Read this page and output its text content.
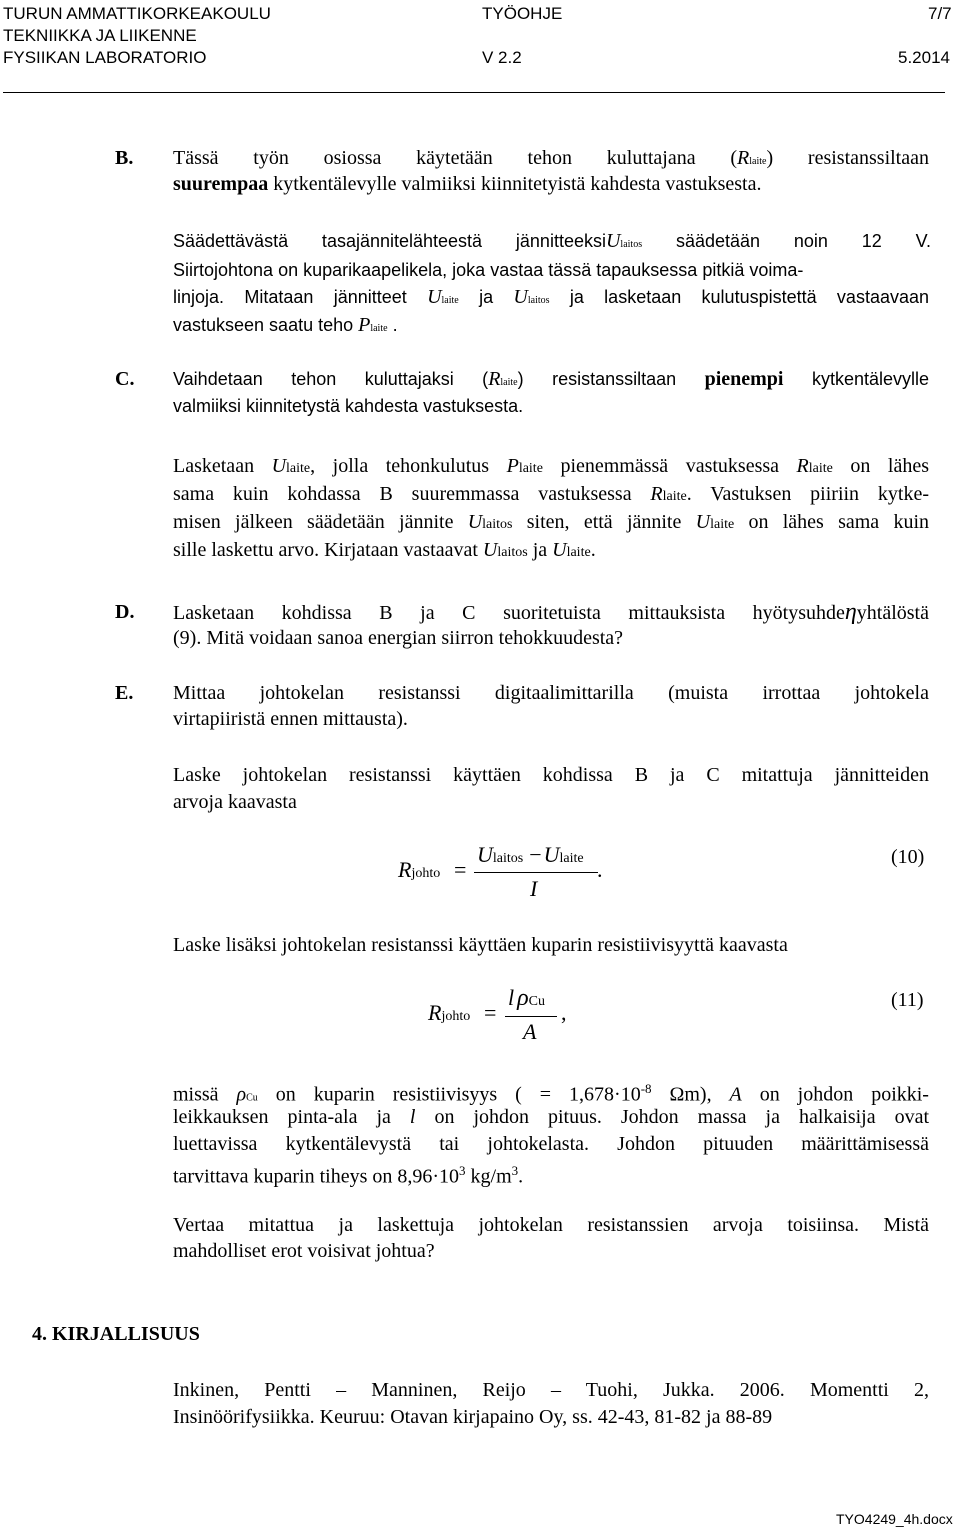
TURUN AMMATTIKORKEAKOULU	TYÖOHJE	7/7
TEKNIIKKA JA LIIKENNE
FYSIIKAN LABORATORIO	V 2.2	5.2014
B. Tässä työn osiossa käytetään tehon kuluttajana (Rlaite) resistanssiltaan
suurempaa kytkentälevylle valmiiksi kiinnitetyistä kahdesta vastuksesta.
Säädettävästä tasajännitelähteestä jännitteeksiUlaitos säädetään noin 12 V.
Siirtojohtona on kuparikaapelikela, joka vastaa tässä tapauksessa pitkiä voima-
linjoja. Mitataan jännitteet Ulaite ja Ulaitos ja lasketaan kulutuspistettä vastaavaan
vastukseen saatu teho Plaite .
C. Vaihdetaan tehon kuluttajaksi (Rlaite) resistanssiltaan pienempi kytkentälevylle
valmiiksi kiinnitetystä kahdesta vastuksesta.
Lasketaan Ulaite, jolla tehonkulutus Plaite pienemmässä vastuksessa Rlaite on lähes
sama kuin kohdassa B suuremmassa vastuksessa Rlaite. Vastuksen piiriin kytke-
misen jälkeen säädetään jännite Ulaitos siten, että jännite Ulaite on lähes sama kuin
sille laskettu arvo. Kirjataan vastaavat Ulaitos ja Ulaite.
D. Lasketaan kohdissa B ja C suoritetuista mittauksista hyötysuhdeηyhtälöstä
(9). Mitä voidaan sanoa energian siirron tehokkuudesta?
E. Mittaa johtokelan resistanssi digitaalimittarilla (muista irrottaa johtokela
virtapiiristä ennen mittausta).
Laske johtokelan resistanssi käyttäen kohdissa B ja C mitattuja jännitteiden
arvoja kaavasta
Rjohto =
Ulaitos −Ulaite
I
.	(10)
Laske lisäksi johtokelan resistanssi käyttäen kuparin resistiivisyyttä kaavasta
Rjohto =
l ρCu
A
,	(11)
missä ρCu on kuparin resistiivisyys ( = $1,678\cdot 10^{-8}$ Ωm), A on johdon poikki-
leikkauksen pinta-ala ja l on johdon pituus. Johdon massa ja halkaisija ovat
luettavissa kytkentälevystä tai johtokelasta. Johdon pituuden määrittämisessä
tarvittava kuparin tiheys on $8,96\cdot 10^3$ $kg/m^3$.
Vertaa mitattua ja laskettuja johtokelan resistanssien arvoja toisiinsa. Mistä
mahdolliset erot voisivat johtua?
4. KIRJALLISUUS
Inkinen, Pentti – Manninen, Reijo – Tuohi, Jukka. 2006. Momentti 2,
Insinöörifysiikka. Keuruu: Otavan kirjapaino Oy, ss. 42-43, 81-82 ja 88-89
TYO4249_4h.docx
